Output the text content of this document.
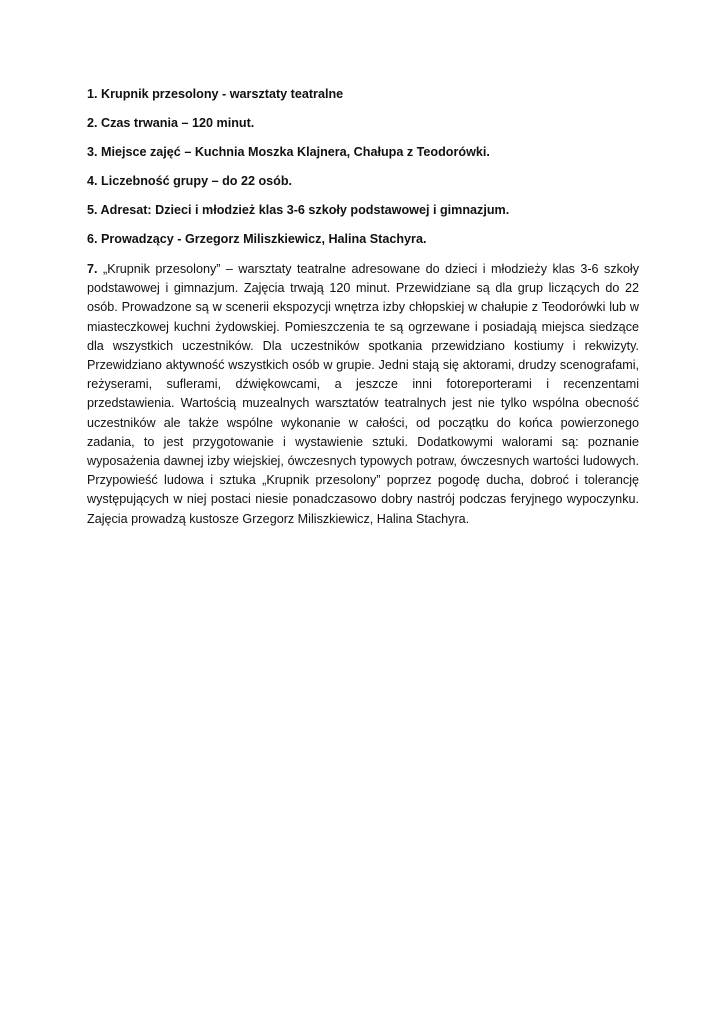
1. Krupnik przesolony - warsztaty teatralne

2. Czas trwania – 120 minut.

3. Miejsce zajęć – Kuchnia Moszka Klajnera, Chałupa z Teodorówki.

4. Liczebność grupy – do 22 osób.

5. Adresat: Dzieci i młodzież klas 3-6 szkoły podstawowej i gimnazjum.

6. Prowadzący - Grzegorz Miliszkiewicz, Halina Stachyra.

7. „Krupnik przesolony” – warsztaty teatralne adresowane do dzieci i młodzieży klas 3-6 szkoły podstawowej i gimnazjum. Zajęcia trwają 120 minut. Przewidziane są dla grup liczących do 22 osób. Prowadzone są w scenerii ekspozycji wnętrza izby chłopskiej w chałupie z Teodorówki lub w miasteczkowej kuchni żydowskiej. Pomieszczenia te są ogrzewane i posiadają miejsca siedzące dla wszystkich uczestników. Dla uczestników spotkania przewidziano kostiumy i rekwizyty. Przewidziano aktywność wszystkich osób w grupie. Jedni stają się aktorami, drudzy scenografami, reżyserami, suflerami, dźwiękowcami, a jeszcze inni fotoreporterami i recenzentami przedstawienia. Wartością muzealnych warsztatów teatralnych jest nie tylko wspólna obecność uczestników ale także wspólne wykonanie w całości, od początku do końca powierzonego zadania, to jest przygotowanie i wystawienie sztuki. Dodatkowymi walorami są: poznanie wyposażenia dawnej izby wiejskiej, ówczesnych typowych potraw, ówczesnych wartości ludowych. Przypowieść ludowa i sztuka „Krupnik przesolony” poprzez pogodę ducha, dobroć i tolerancję występujących w niej postaci niesie ponadczasowo dobry nastrój podczas feryjnego wypoczynku. Zajęcia prowadzą kustosze Grzegorz Miliszkiewicz, Halina Stachyra.
